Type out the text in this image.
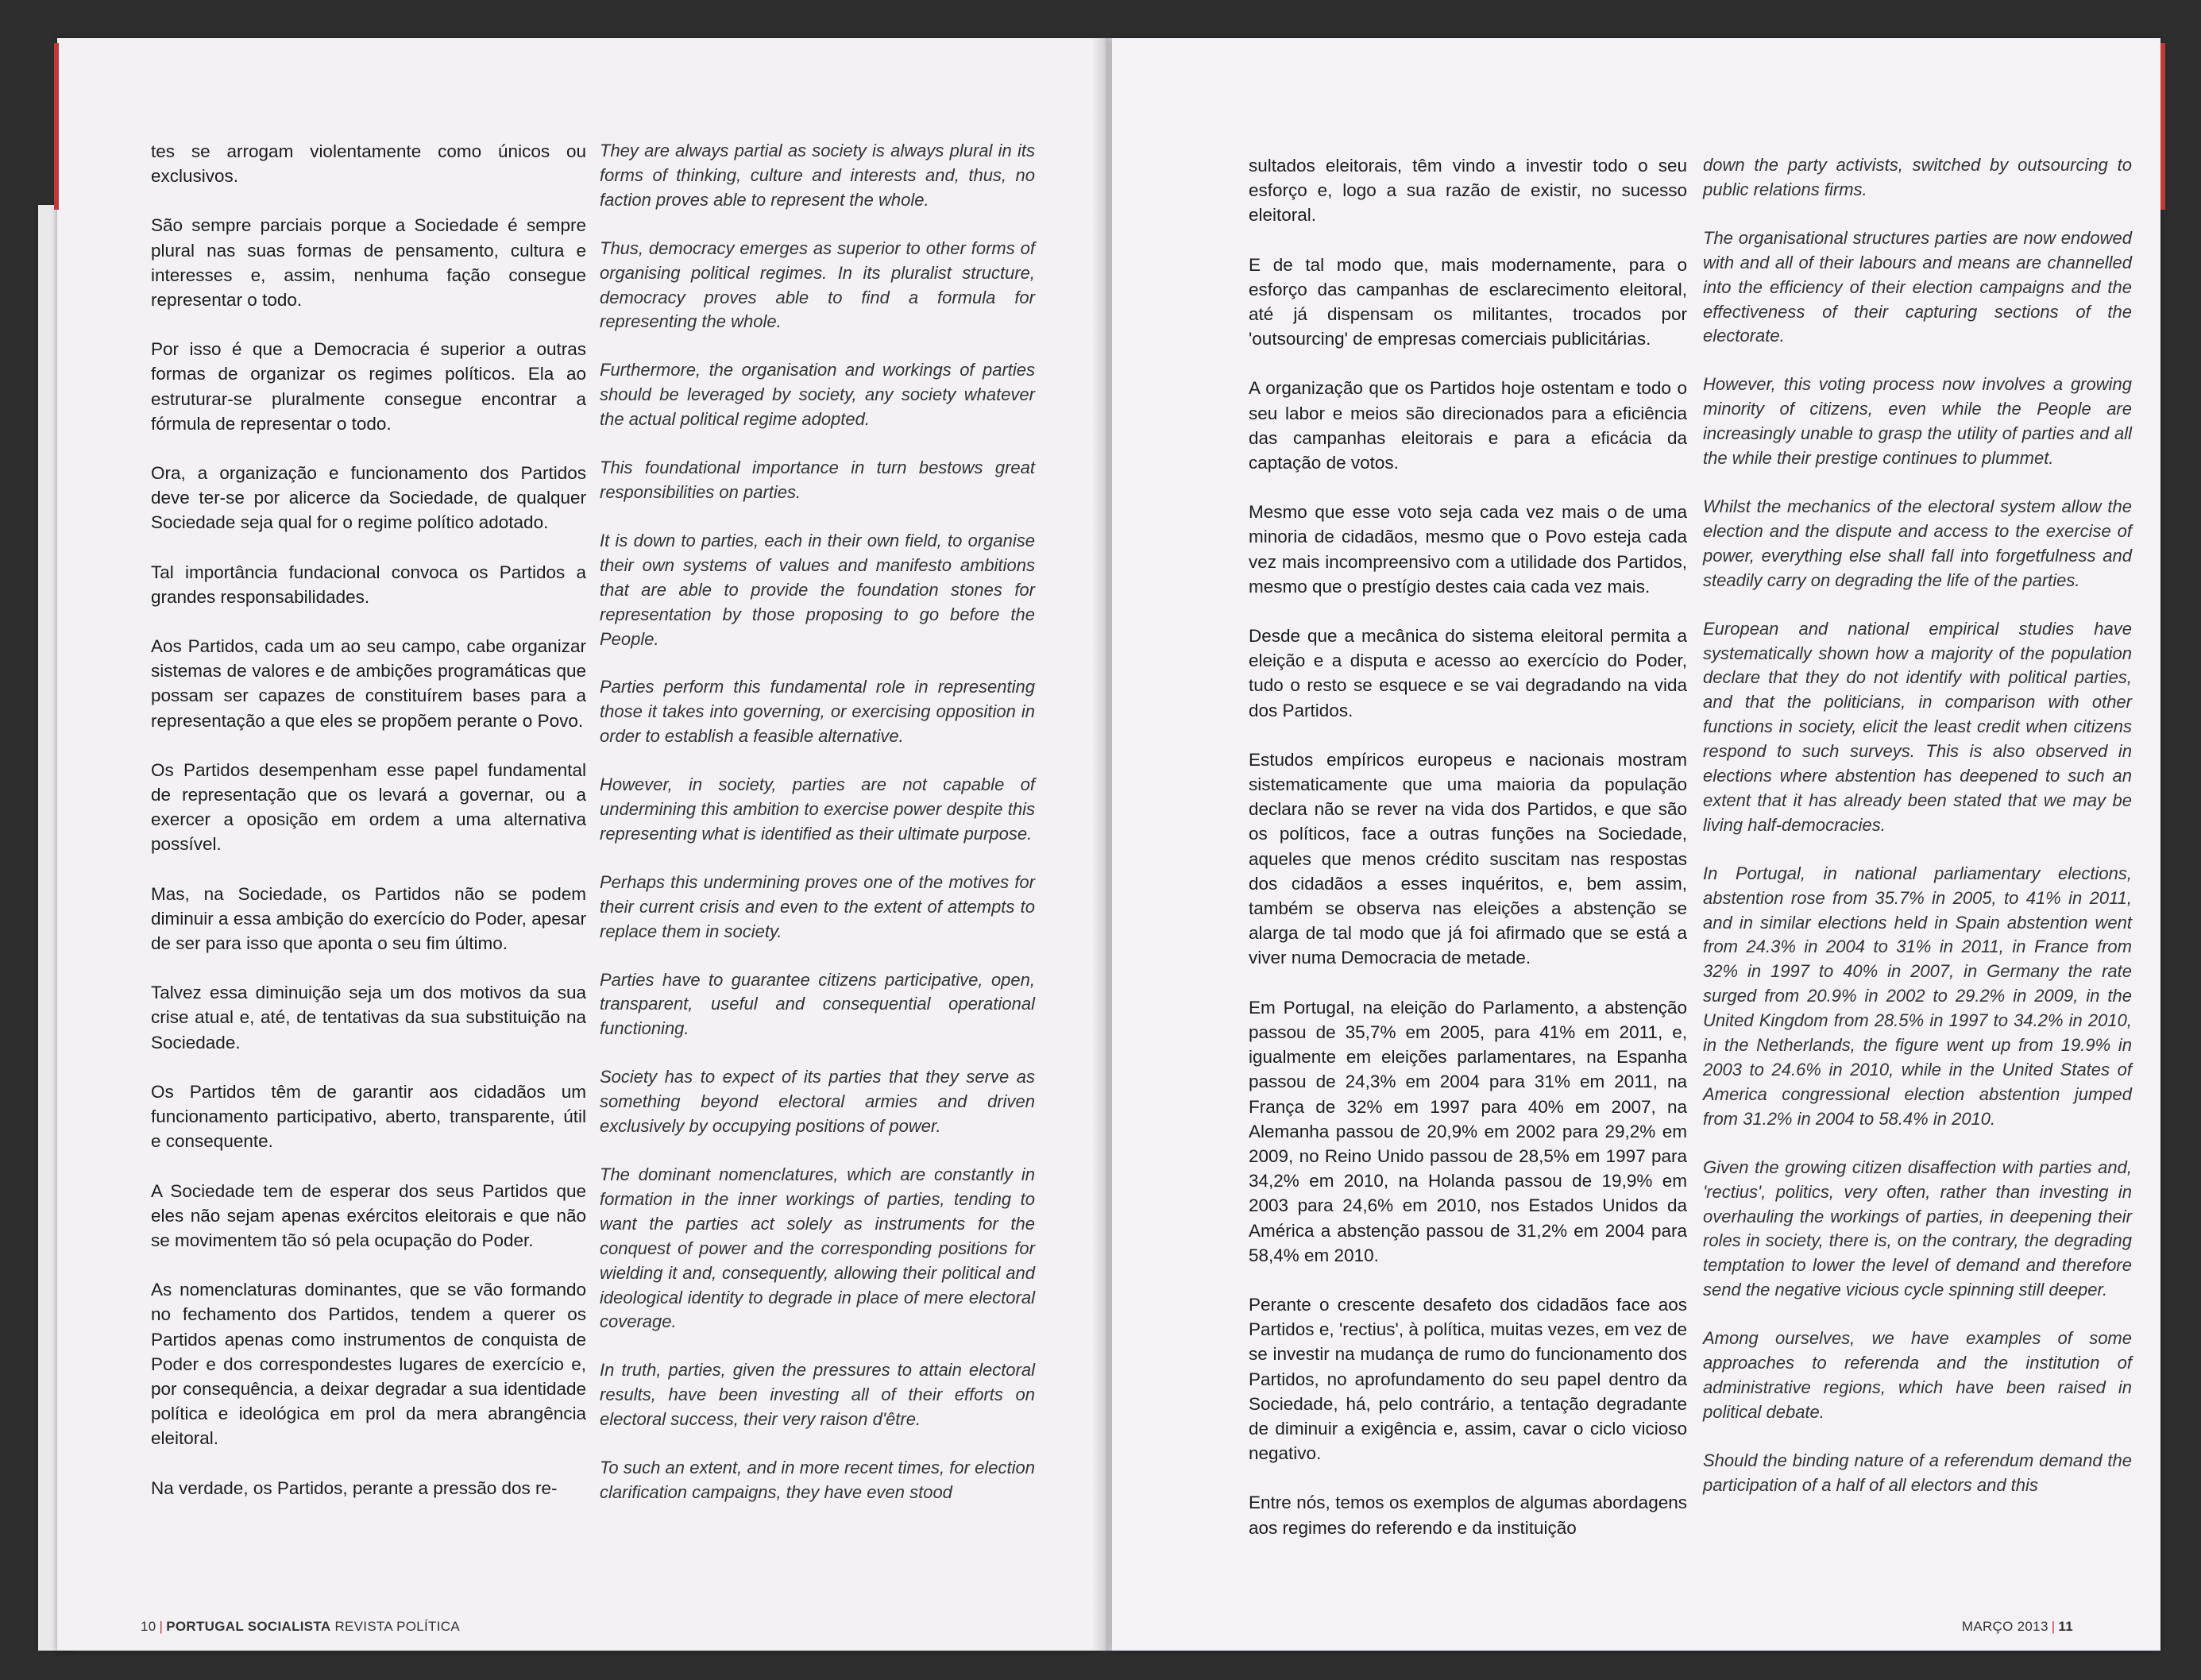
tes se arrogam violentamente como únicos ou exclusivos.

São sempre parciais porque a Sociedade é sempre plural nas suas formas de pensamento, cultura e interesses e, assim, nenhuma fação consegue representar o todo.

Por isso é que a Democracia é superior a outras formas de organizar os regimes políticos. Ela ao estruturar-se pluralmente consegue encontrar a fórmula de representar o todo.

Ora, a organização e funcionamento dos Partidos deve ter-se por alicerce da Sociedade, de qualquer Sociedade seja qual for o regime político adotado.

Tal importância fundacional convoca os Partidos a grandes responsabilidades.

Aos Partidos, cada um ao seu campo, cabe organizar sistemas de valores e de ambições programáticas que possam ser capazes de constituírem bases para a representação a que eles se propõem perante o Povo.

Os Partidos desempenham esse papel fundamental de representação que os levará a governar, ou a exercer a oposição em ordem a uma alternativa possível.

Mas, na Sociedade, os Partidos não se podem diminuir a essa ambição do exercício do Poder, apesar de ser para isso que aponta o seu fim último.

Talvez essa diminuição seja um dos motivos da sua crise atual e, até, de tentativas da sua substituição na Sociedade.

Os Partidos têm de garantir aos cidadãos um funcionamento participativo, aberto, transparente, útil e consequente.

A Sociedade tem de esperar dos seus Partidos que eles não sejam apenas exércitos eleitorais e que não se movimentem tão só pela ocupação do Poder.

As nomenclaturas dominantes, que se vão formando no fechamento dos Partidos, tendem a querer os Partidos apenas como instrumentos de conquista de Poder e dos correspondestes lugares de exercício e, por consequência, a deixar degradar a sua identidade política e ideológica em prol da mera abrangência eleitoral.

Na verdade, os Partidos, perante a pressão dos re-

They are always partial as society is always plural in its forms of thinking, culture and interests and, thus, no faction proves able to represent the whole.

Thus, democracy emerges as superior to other forms of organising political regimes. In its pluralist structure, democracy proves able to find a formula for representing the whole.

Furthermore, the organisation and workings of parties should be leveraged by society, any society whatever the actual political regime adopted.

This foundational importance in turn bestows great responsibilities on parties.

It is down to parties, each in their own field, to organise their own systems of values and manifesto ambitions that are able to provide the foundation stones for representation by those proposing to go before the People.

Parties perform this fundamental role in representing those it takes into governing, or exercising opposition in order to establish a feasible alternative.

However, in society, parties are not capable of undermining this ambition to exercise power despite this representing what is identified as their ultimate purpose.

Perhaps this undermining proves one of the motives for their current crisis and even to the extent of attempts to replace them in society.

Parties have to guarantee citizens participative, open, transparent, useful and consequential operational functioning.

Society has to expect of its parties that they serve as something beyond electoral armies and driven exclusively by occupying positions of power.

The dominant nomenclatures, which are constantly in formation in the inner workings of parties, tending to want the parties act solely as instruments for the conquest of power and the corresponding positions for wielding it and, consequently, allowing their political and ideological identity to degrade in place of mere electoral coverage.

In truth, parties, given the pressures to attain electoral results, have been investing all of their efforts on electoral success, their very raison d'être.

To such an extent, and in more recent times, for election clarification campaigns, they have even stood

10 | PORTUGAL SOCIALISTA REVISTA POLÍTICA

sultados eleitorais, têm vindo a investir todo o seu esforço e, logo a sua razão de existir, no sucesso eleitoral.

E de tal modo que, mais modernamente, para o esforço das campanhas de esclarecimento eleitoral, até já dispensam os militantes, trocados por 'outsourcing' de empresas comerciais publicitárias.

A organização que os Partidos hoje ostentam e todo o seu labor e meios são direcionados para a eficiência das campanhas eleitorais e para a eficácia da captação de votos.

Mesmo que esse voto seja cada vez mais o de uma minoria de cidadãos, mesmo que o Povo esteja cada vez mais incompreensivo com a utilidade dos Partidos, mesmo que o prestígio destes caia cada vez mais.

Desde que a mecânica do sistema eleitoral permita a eleição e a disputa e acesso ao exercício do Poder, tudo o resto se esquece e se vai degradando na vida dos Partidos.

Estudos empíricos europeus e nacionais mostram sistematicamente que uma maioria da população declara não se rever na vida dos Partidos, e que são os políticos, face a outras funções na Sociedade, aqueles que menos crédito suscitam nas respostas dos cidadãos a esses inquéritos, e, bem assim, também se observa nas eleições a abstenção se alarga de tal modo que já foi afirmado que se está a viver numa Democracia de metade.

Em Portugal, na eleição do Parlamento, a abstenção passou de 35,7% em 2005, para 41% em 2011, e, igualmente em eleições parlamentares, na Espanha passou de 24,3% em 2004 para 31% em 2011, na França de 32% em 1997 para 40% em 2007, na Alemanha passou de 20,9% em 2002 para 29,2% em 2009, no Reino Unido passou de 28,5% em 1997 para 34,2% em 2010, na Holanda passou de 19,9% em 2003 para 24,6% em 2010, nos Estados Unidos da América a abstenção passou de 31,2% em 2004 para 58,4% em 2010.

Perante o crescente desafeto dos cidadãos face aos Partidos e, 'rectius', à política, muitas vezes, em vez de se investir na mudança de rumo do funcionamento dos Partidos, no aprofundamento do seu papel dentro da Sociedade, há, pelo contrário, a tentação degradante de diminuir a exigência e, assim, cavar o ciclo vicioso negativo.

Entre nós, temos os exemplos de algumas abordagens aos regimes do referendo e da instituição

down the party activists, switched by outsourcing to public relations firms.

The organisational structures parties are now endowed with and all of their labours and means are channelled into the efficiency of their election campaigns and the effectiveness of their capturing sections of the electorate.

However, this voting process now involves a growing minority of citizens, even while the People are increasingly unable to grasp the utility of parties and all the while their prestige continues to plummet.

Whilst the mechanics of the electoral system allow the election and the dispute and access to the exercise of power, everything else shall fall into forgetfulness and steadily carry on degrading the life of the parties.

European and national empirical studies have systematically shown how a majority of the population declare that they do not identify with political parties, and that the politicians, in comparison with other functions in society, elicit the least credit when citizens respond to such surveys. This is also observed in elections where abstention has deepened to such an extent that it has already been stated that we may be living half-democracies.

In Portugal, in national parliamentary elections, abstention rose from 35.7% in 2005, to 41% in 2011, and in similar elections held in Spain abstention went from 24.3% in 2004 to 31% in 2011, in France from 32% in 1997 to 40% in 2007, in Germany the rate surged from 20.9% in 2002 to 29.2% in 2009, in the United Kingdom from 28.5% in 1997 to 34.2% in 2010, in the Netherlands, the figure went up from 19.9% in 2003 to 24.6% in 2010, while in the United States of America congressional election abstention jumped from 31.2% in 2004 to 58.4% in 2010.

Given the growing citizen disaffection with parties and, 'rectius', politics, very often, rather than investing in overhauling the workings of parties, in deepening their roles in society, there is, on the contrary, the degrading temptation to lower the level of demand and therefore send the negative vicious cycle spinning still deeper.

Among ourselves, we have examples of some approaches to referenda and the institution of administrative regions, which have been raised in political debate.

Should the binding nature of a referendum demand the participation of a half of all electors and this

MARÇO 2013 | 11
